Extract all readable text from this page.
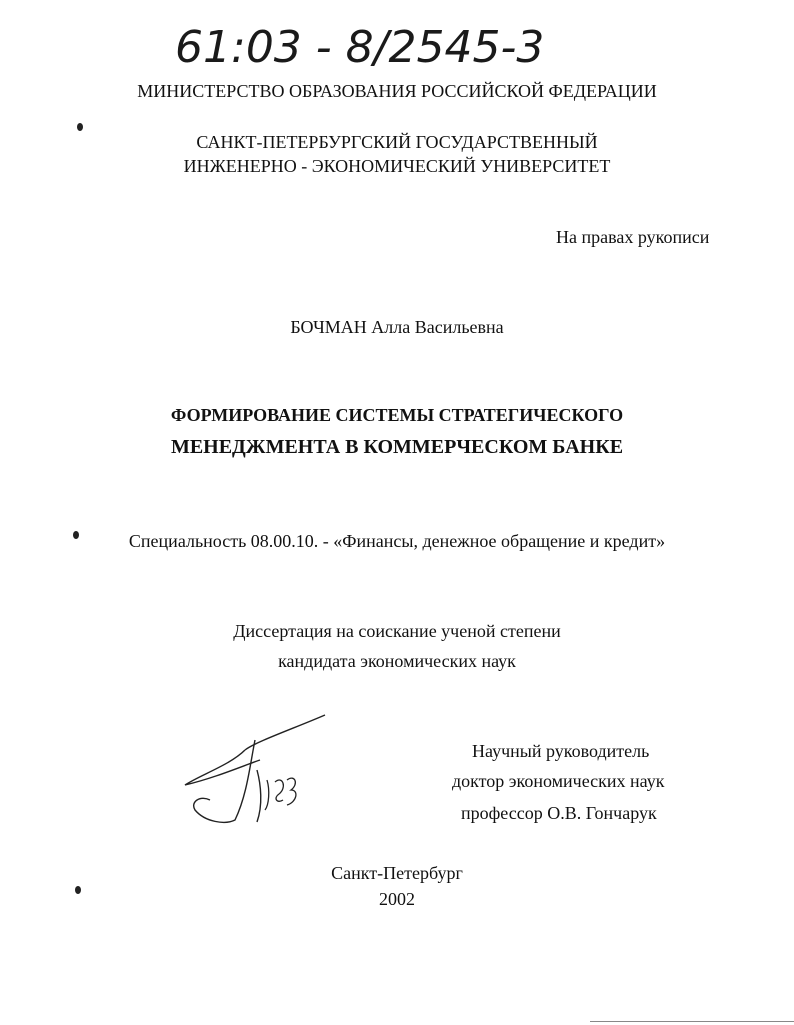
61:03 - 8/2545-3
МИНИСТЕРСТВО ОБРАЗОВАНИЯ РОССИЙСКОЙ ФЕДЕРАЦИИ
САНКТ-ПЕТЕРБУРГСКИЙ ГОСУДАРСТВЕННЫЙ
ИНЖЕНЕРНО - ЭКОНОМИЧЕСКИЙ УНИВЕРСИТЕТ
На правах рукописи
БОЧМАН Алла Васильевна
ФОРМИРОВАНИЕ СИСТЕМЫ СТРАТЕГИЧЕСКОГО
МЕНЕДЖМЕНТА В КОММЕРЧЕСКОМ БАНКЕ
Специальность 08.00.10. - «Финансы, денежное обращение и кредит»
Диссертация на соискание ученой степени
кандидата экономических наук
Научный руководитель
доктор экономических наук
профессор О.В. Гончарук
Санкт-Петербург
2002
